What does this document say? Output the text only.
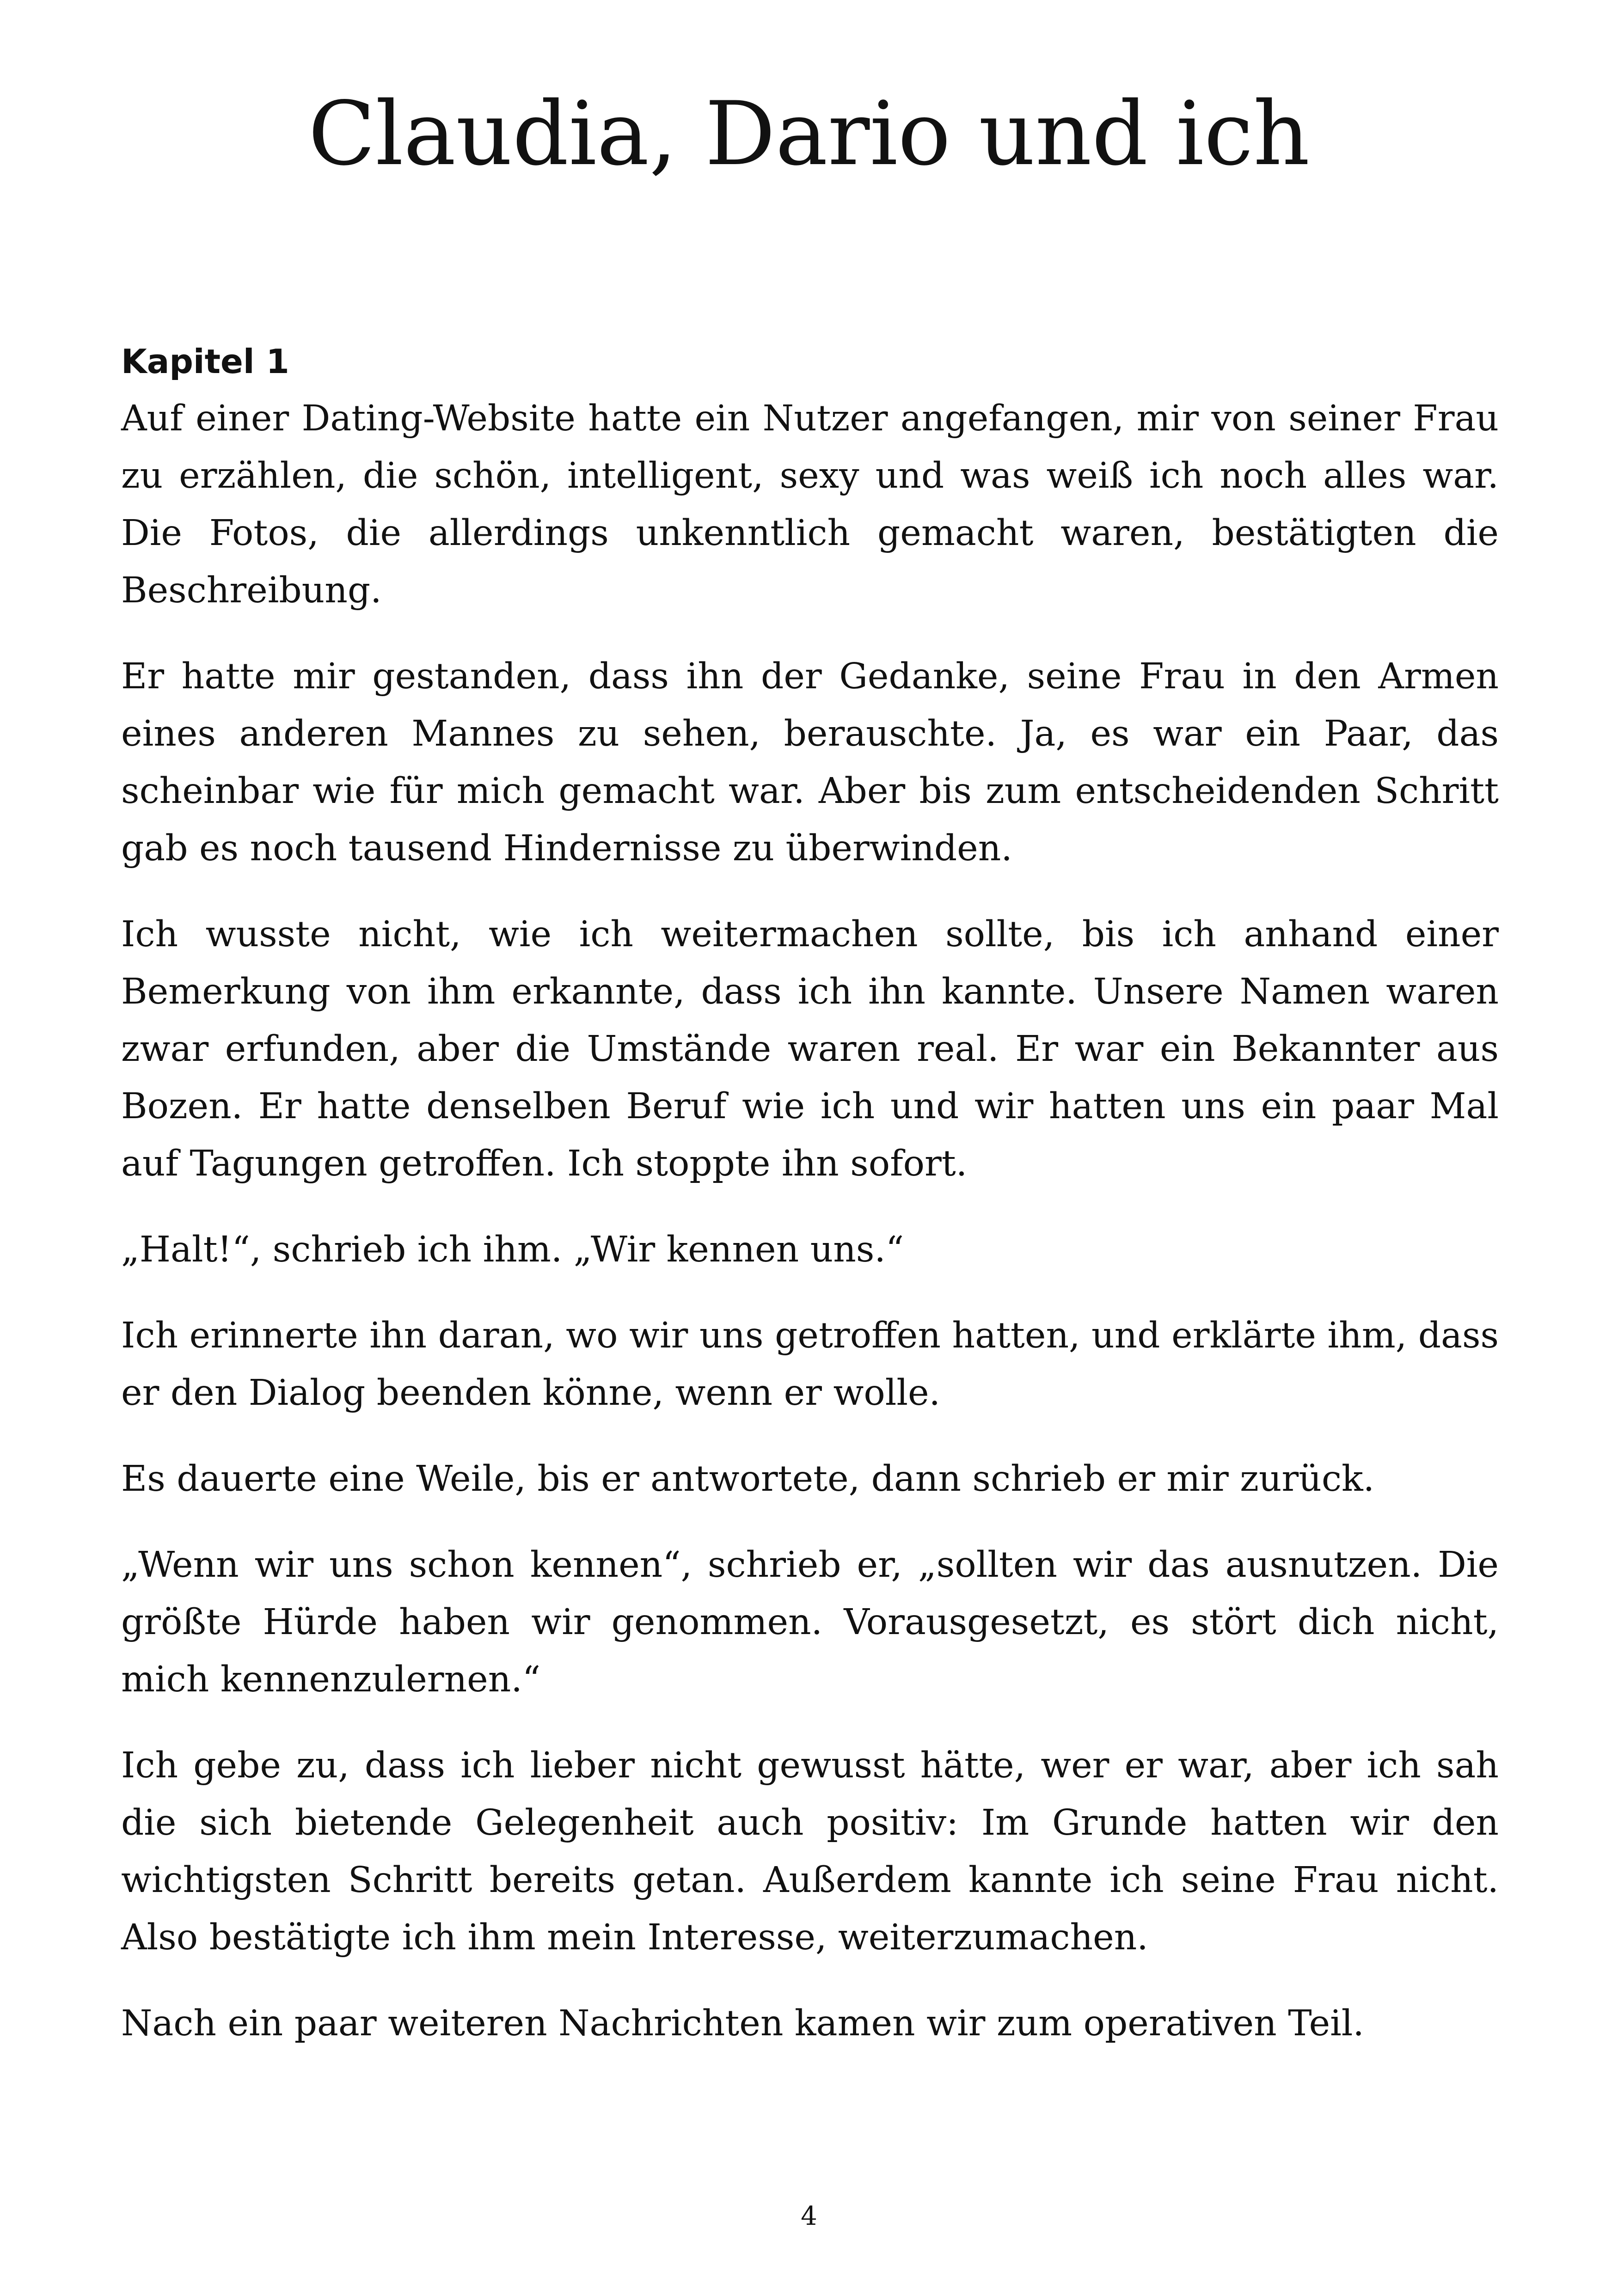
Claudia, Dario und ich

Kapitel 1

Auf einer Dating-Website hatte ein Nutzer angefangen, mir von seiner Frau zu erzählen, die schön, intelligent, sexy und was weiß ich noch alles war. Die Fotos, die allerdings unkenntlich gemacht waren, bestätigten die Beschreibung.

Er hatte mir gestanden, dass ihn der Gedanke, seine Frau in den Armen eines anderen Mannes zu sehen, berauschte. Ja, es war ein Paar, das scheinbar wie für mich gemacht war. Aber bis zum entscheidenden Schritt gab es noch tausend Hindernisse zu überwinden.

Ich wusste nicht, wie ich weitermachen sollte, bis ich anhand einer Bemerkung von ihm erkannte, dass ich ihn kannte. Unsere Namen waren zwar erfunden, aber die Umstände waren real. Er war ein Bekannter aus Bozen. Er hatte denselben Beruf wie ich und wir hatten uns ein paar Mal auf Tagungen getroffen. Ich stoppte ihn sofort.

„Halt!“, schrieb ich ihm. „Wir kennen uns.“

Ich erinnerte ihn daran, wo wir uns getroffen hatten, und erklärte ihm, dass er den Dialog beenden könne, wenn er wolle.

Es dauerte eine Weile, bis er antwortete, dann schrieb er mir zurück.

„Wenn wir uns schon kennen“, schrieb er, „sollten wir das ausnutzen. Die größte Hürde haben wir genommen. Vorausgesetzt, es stört dich nicht, mich kennenzulernen.“

Ich gebe zu, dass ich lieber nicht gewusst hätte, wer er war, aber ich sah die sich bietende Gelegenheit auch positiv: Im Grunde hatten wir den wichtigsten Schritt bereits getan. Außerdem kannte ich seine Frau nicht. Also bestätigte ich ihm mein Interesse, weiterzumachen.

Nach ein paar weiteren Nachrichten kamen wir zum operativen Teil.

4
